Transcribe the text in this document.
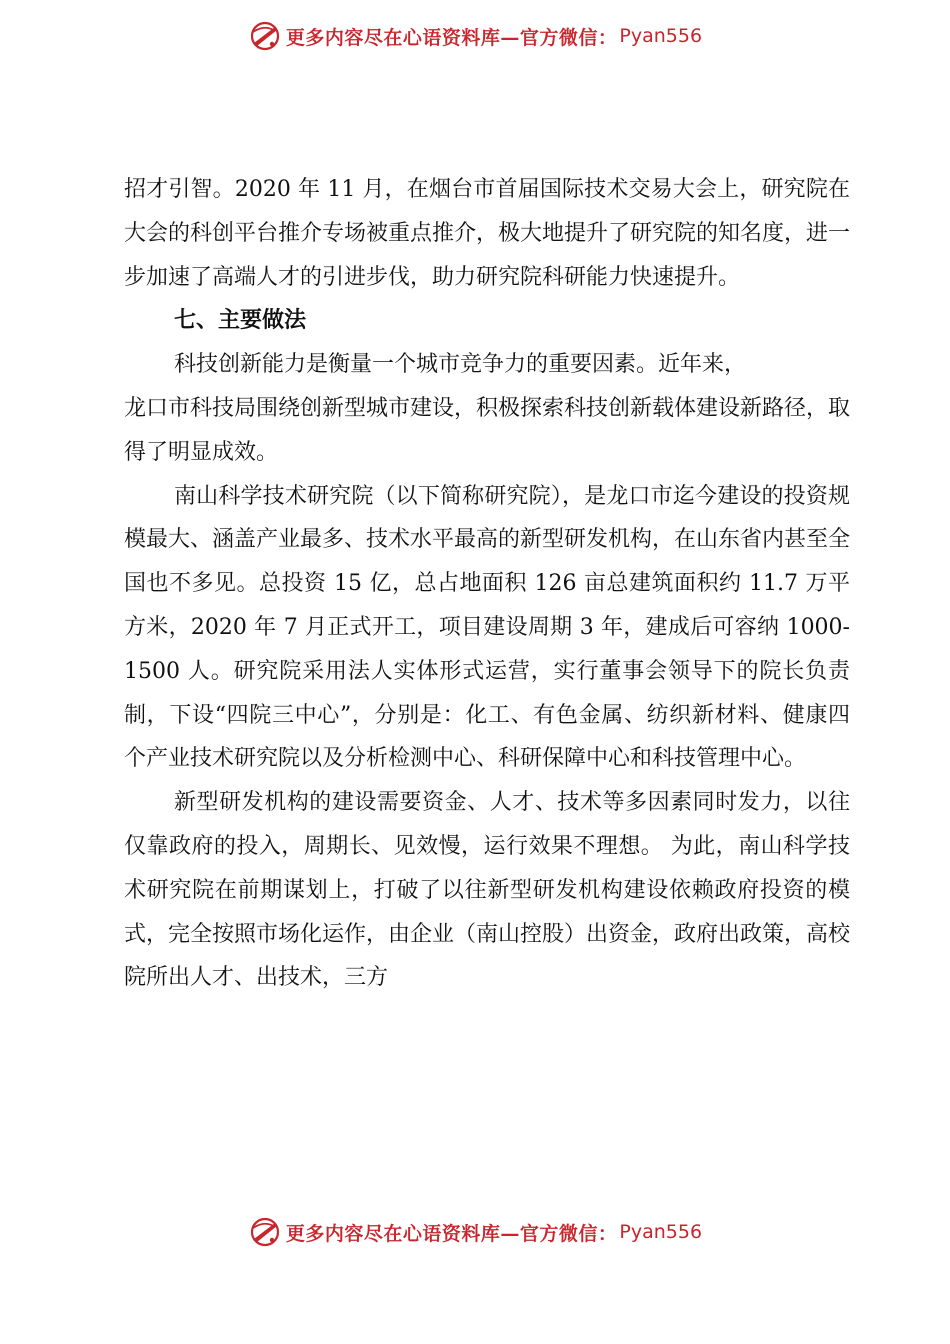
更多内容尽在心语资料库—官方微信： Pyan556

招才引智。2020 年 11 月，在烟台市首届国际技术交易大会上，研究院在大会的科创平台推介专场被重点推介，极大地提升了研究院的知名度，进一步加速了高端人才的引进步伐，助力研究院科研能力快速提升。

七、主要做法

科技创新能力是衡量一个城市竞争力的重要因素。近年来，

龙口市科技局围绕创新型城市建设，积极探索科技创新载体建设新路径，取得了明显成效。

南山科学技术研究院（以下简称研究院），是龙口市迄今建设的投资规模最大、涵盖产业最多、技术水平最高的新型研发机构，在山东省内甚至全国也不多见。总投资 15 亿，总占地面积 126 亩总建筑面积约 11.7 万平方米，2020 年 7 月正式开工，项目建设周期 3 年，建成后可容纳 1000-1500 人。研究院采用法人实体形式运营，实行董事会领导下的院长负责制，下设“四院三中心”，分别是：化工、有色金属、纺织新材料、健康四个产业技术研究院以及分析检测中心、科研保障中心和科技管理中心。

新型研发机构的建设需要资金、人才、技术等多因素同时发力，以往仅靠政府的投入，周期长、见效慢，运行效果不理想。 为此，南山科学技术研究院在前期谋划上，打破了以往新型研发机构建设依赖政府投资的模式，完全按照市场化运作，由企业（南山控股）出资金，政府出政策，高校院所出人才、出技术，三方

更多内容尽在心语资料库—官方微信： Pyan556
